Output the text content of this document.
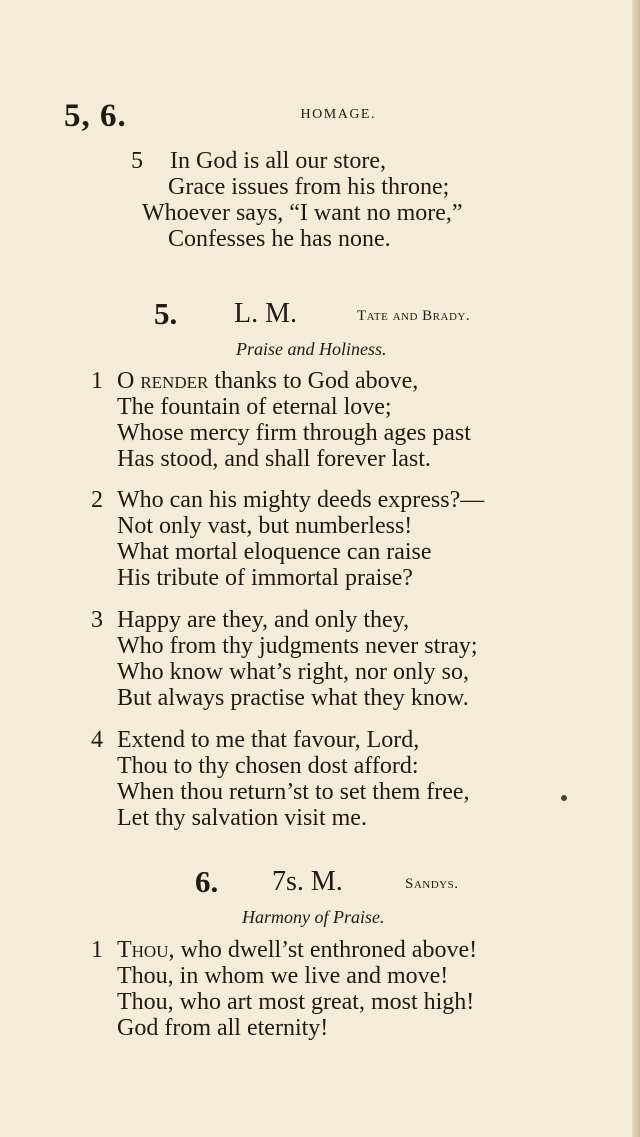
5, 6.	HOMAGE.
5 In God is all our store,
Grace issues from his throne;
Whoever says, “I want no more,”
Confesses he has none.
5. L. M.	Tate and Brady.
Praise and Holiness.
1 O render thanks to God above,
The fountain of eternal love;
Whose mercy firm through ages past
Has stood, and shall forever last.
2 Who can his mighty deeds express?—
Not only vast, but numberless!
What mortal eloquence can raise
His tribute of immortal praise?
3 Happy are they, and only they,
Who from thy judgments never stray;
Who know what’s right, nor only so,
But always practise what they know.
4 Extend to me that favour, Lord,
Thou to thy chosen dost afford:
When thou return’st to set them free,
Let thy salvation visit me.
6. 7s. M.	Sandys.
Harmony of Praise.
1 Thou, who dwell’st enthroned above!
Thou, in whom we live and move!
Thou, who art most great, most high!
God from all eternity!
